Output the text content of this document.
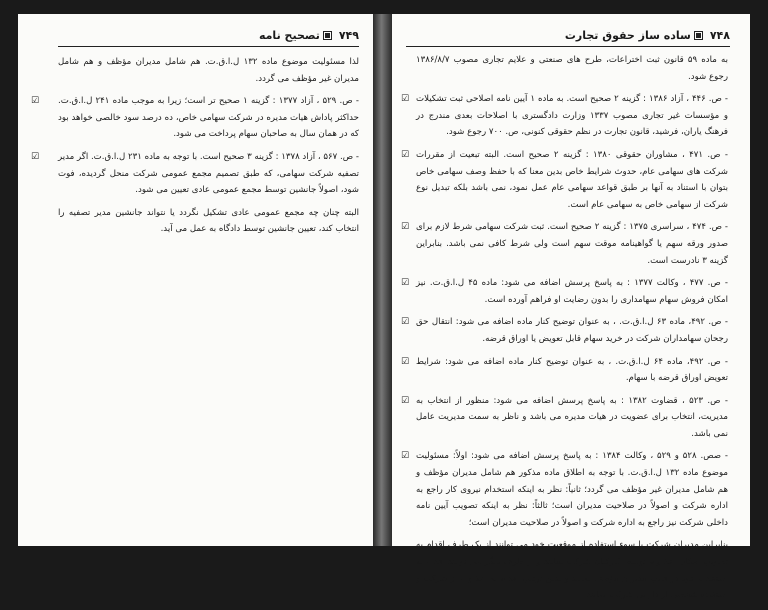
۷۴۹
تصحیح نامه
لذا مسئولیت موضوع ماده ۱۳۲ ل.ا.ق.ت. هم شامل مدیران مؤظف و هم شامل مدیران غیر مؤظف می گردد.
☑ - ص. ۵۲۹ ، آزاد ۱۳۷۷ : گزینه ۱ صحیح تر است؛ زیرا به موجب ماده ۲۴۱ ل.ا.ق.ت. حداکثر پاداش هیات مدیره در شرکت سهامی خاص، ده درصد سود خالصی خواهد بود که در همان سال به صاحبان سهام پرداخت می شود.
☑ - ص. ۵۶۷ ، آزاد ۱۳۷۸ : گزینه ۳ صحیح است. با توجه به ماده ۲۳۱ ل.ا.ق.ت. اگر مدیر تصفیه شرکت سهامی، که طبق تصمیم مجمع عمومی شرکت منحل گردیده، فوت شود، اصولاً جانشین توسط مجمع عمومی عادی تعیین می شود.
البته چنان چه مجمع عمومی عادی تشکیل نگردد یا نتواند جانشین مدیر تصفیه را انتخاب کند، تعیین جانشین توسط دادگاه به عمل می آید.
۷۴۸
ساده ساز حقوق تجارت
به ماده ۵۹ قانون ثبت اختراعات، طرح های صنعتی و علایم تجاری مصوب ۱۳۸۶/۸/۷ رجوع شود.
☑ - ص. ۴۴۶ ، آزاد ۱۳۸۶ : گزینه ۲ صحیح است. به ماده ۱ آیین نامه اصلاحی ثبت تشکیلات و مؤسسات غیر تجاری مصوب ۱۳۳۷ وزارت دادگستری با اصلاحات بعدی مندرج در فرهنگ یاران، فرشید، قانون تجارت در نظم حقوقی کنونی، ص. ۷۰۰ رجوع شود.
☑ - ص. ۴۷۱ ، مشاوران حقوقی ۱۳۸۰ : گزینه ۲ صحیح است. البته تبعیت از مقررات شرکت های سهامی عام، حدوث شرایط خاص بدین معنا که با حفظ وصف سهامی خاص بتوان با استناد به آنها بر طبق قواعد سهامی عام عمل نمود، نمی باشد بلکه تبدیل نوع شرکت از سهامی خاص به سهامی عام است.
☑ - ص. ۴۷۴ ، سراسری ۱۳۷۵ : گزینه ۲ صحیح است. ثبت شرکت سهامی شرط لازم برای صدور ورقه سهم یا گواهینامه موقت سهم است ولی شرط کافی نمی باشد. بنابراین گزینه ۳ نادرست است.
☑ - ص. ۴۷۷ ، وکالت ۱۳۷۷ : به پاسخ پرسش اضافه می شود: ماده ۴۵ ل.ا.ق.ت. نیز امکان فروش سهام سهامداری را بدون رضایت او فراهم آورده است.
☑ - ص. ۴۹۲، ماده ۶۳ ل.ا.ق.ت. ، به عنوان توضیح کنار ماده اضافه می شود: انتقال حق رجحان سهامداران شرکت در خرید سهام قابل تعویض یا اوراق قرضه.
☑ - ص. ۴۹۲، ماده ۶۴ ل.ا.ق.ت. ، به عنوان توضیح کنار ماده اضافه می شود: شرایط تعویض اوراق قرضه با سهام.
☑ - ص. ۵۲۳ ، قضاوت ۱۳۸۲ : به پاسخ پرسش اضافه می شود: منظور از انتخاب به مدیریت، انتخاب برای عضویت در هیات مدیره می باشد و ناظر به سمت مدیریت عامل نمی باشد.
☑ - صص. ۵۲۸ و ۵۲۹ ، وکالت ۱۳۸۴ : به پاسخ پرسش اضافه می شود: اولاً: مسئولیت موضوع ماده ۱۳۲ ل.ا.ق.ت. با توجه به اطلاق ماده مذکور هم شامل مدیران مؤظف و هم شامل مدیران غیر مؤظف می گردد؛ ثانیاً: نظر به اینکه استخدام نیروی کار راجع به اداره شرکت و اصولاً در صلاحیت مدیران است؛ ثالثاً: نظر به اینکه تصویب آیین نامه داخلی شرکت نیز راجع به اداره شرکت و اصولاً در صلاحیت مدیران است؛
بنابراین مدیران شرکت با سوء استفاده از موقعیت خود می توانند از یک طرف اقدام به تصویب امکان اخذ وام توسط کارکنان شرکت نمایند و از طرف دیگر می توانند اقدام به استخدام خود در قالب مدیران مؤظف نمایند و بدین ترتیب اقدام به اخذ وام از شرکت و استفاده شخصی از دارایی شرکت نمایند.
